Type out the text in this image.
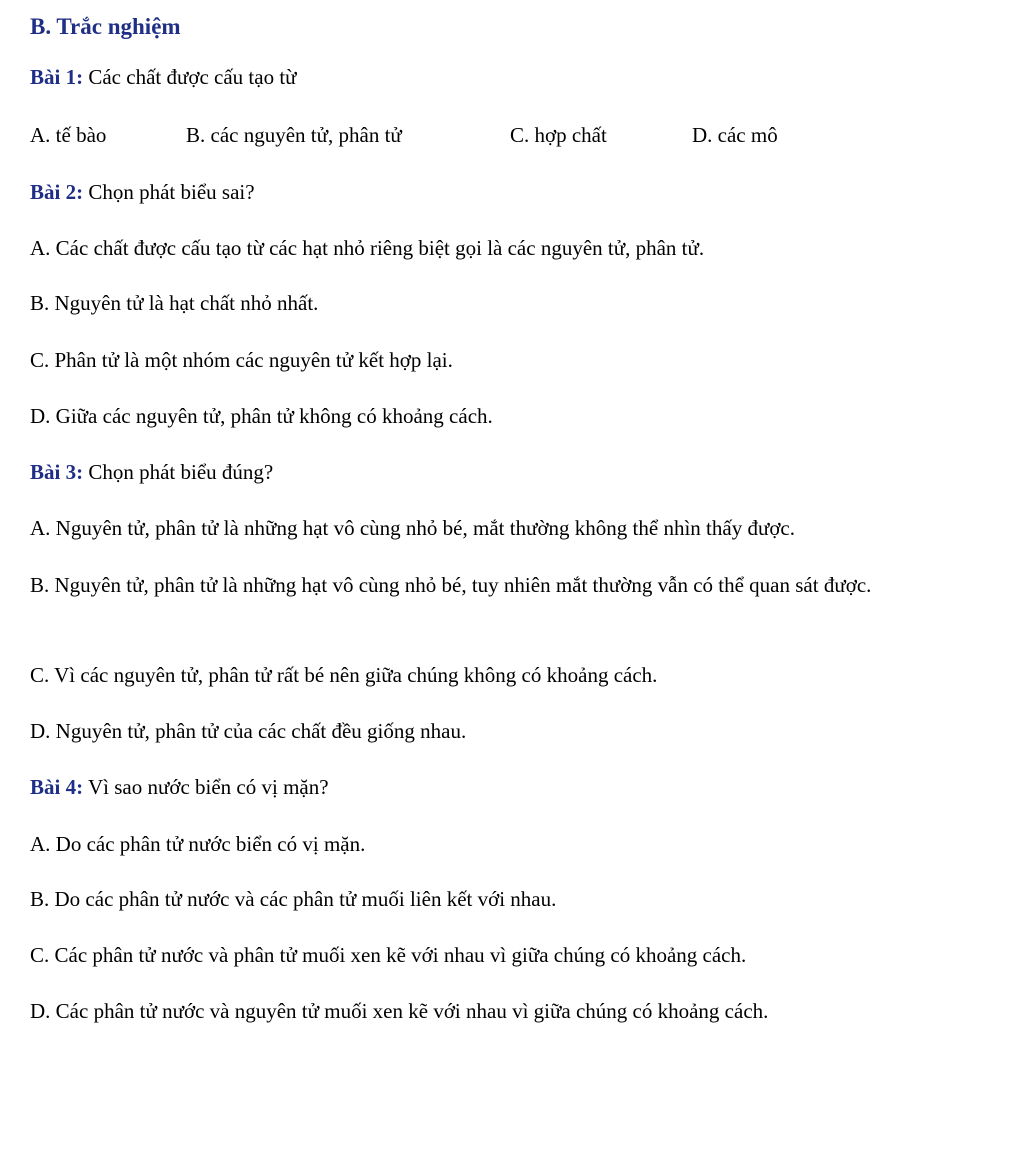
B. Trắc nghiệm
Bài 1: Các chất được cấu tạo từ
A. tế bào	B. các nguyên tử, phân tử	C. hợp chất	D. các mô
Bài 2: Chọn phát biểu sai?
A. Các chất được cấu tạo từ các hạt nhỏ riêng biệt gọi là các nguyên tử, phân tử.
B. Nguyên tử là hạt chất nhỏ nhất.
C. Phân tử là một nhóm các nguyên tử kết hợp lại.
D. Giữa các nguyên tử, phân tử không có khoảng cách.
Bài 3: Chọn phát biểu đúng?
A. Nguyên tử, phân tử là những hạt vô cùng nhỏ bé, mắt thường không thể nhìn thấy được.
B. Nguyên tử, phân tử là những hạt vô cùng nhỏ bé, tuy nhiên mắt thường vẫn có thể quan sát được.
C. Vì các nguyên tử, phân tử rất bé nên giữa chúng không có khoảng cách.
D. Nguyên tử, phân tử của các chất đều giống nhau.
Bài 4: Vì sao nước biển có vị mặn?
A. Do các phân tử nước biển có vị mặn.
B. Do các phân tử nước và các phân tử muối liên kết với nhau.
C. Các phân tử nước và phân tử muối xen kẽ với nhau vì giữa chúng có khoảng cách.
D. Các phân tử nước và nguyên tử muối xen kẽ với nhau vì giữa chúng có khoảng cách.
